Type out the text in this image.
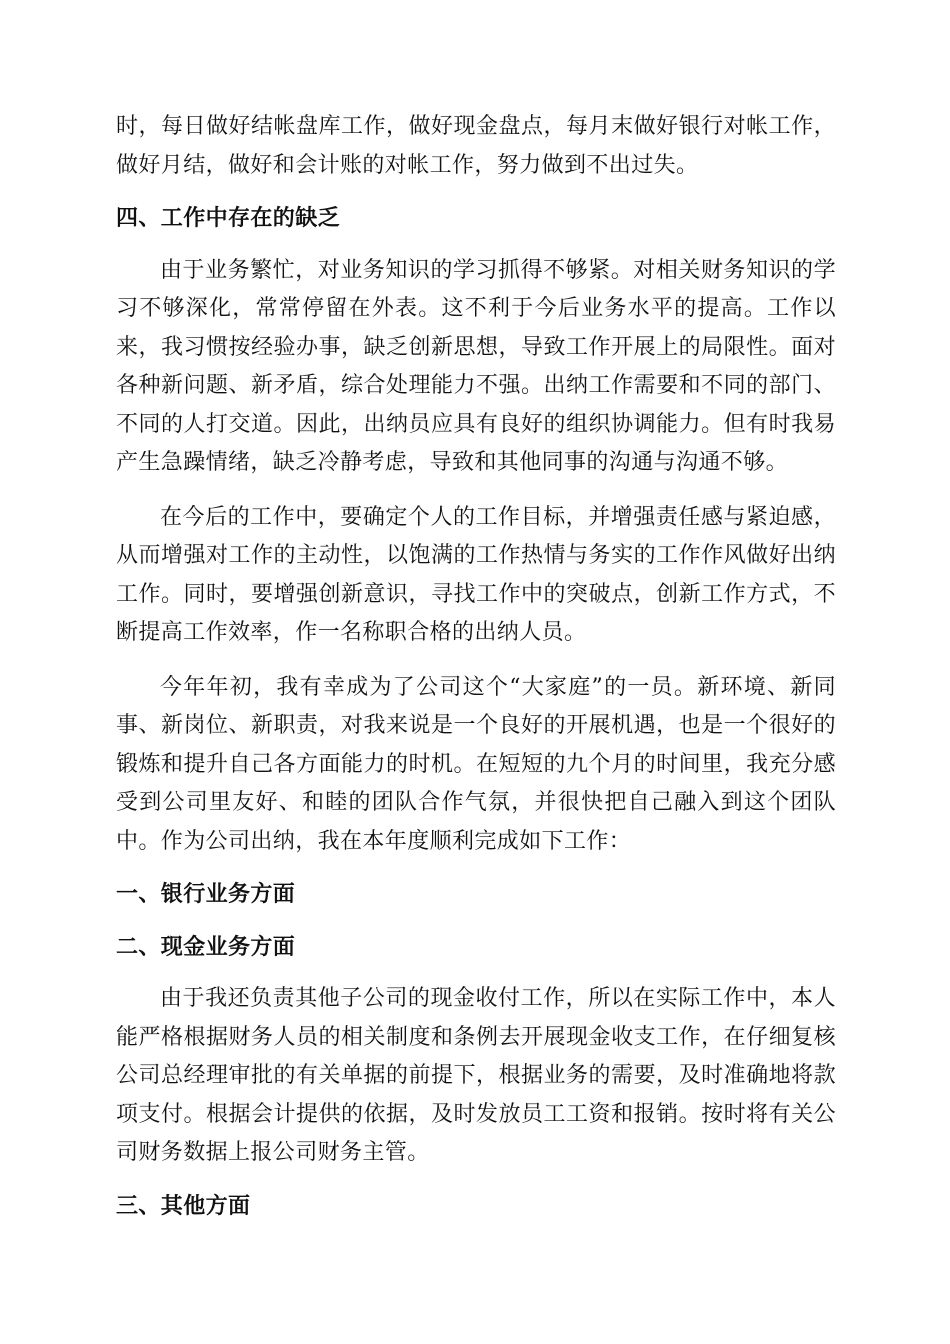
时，每日做好结帐盘库工作，做好现金盘点，每月末做好银行对帐工作，做好月结，做好和会计账的对帐工作，努力做到不出过失。

四、工作中存在的缺乏

由于业务繁忙，对业务知识的学习抓得不够紧。对相关财务知识的学习不够深化，常常停留在外表。这不利于今后业务水平的提高。工作以来，我习惯按经验办事，缺乏创新思想，导致工作开展上的局限性。面对各种新问题、新矛盾，综合处理能力不强。出纳工作需要和不同的部门、不同的人打交道。因此，出纳员应具有良好的组织协调能力。但有时我易产生急躁情绪，缺乏冷静考虑，导致和其他同事的沟通与沟通不够。

在今后的工作中，要确定个人的工作目标，并增强责任感与紧迫感，从而增强对工作的主动性，以饱满的工作热情与务实的工作作风做好出纳工作。同时，要增强创新意识，寻找工作中的突破点，创新工作方式，不断提高工作效率，作一名称职合格的出纳人员。

今年年初，我有幸成为了公司这个“大家庭”的一员。新环境、新同事、新岗位、新职责，对我来说是一个良好的开展机遇，也是一个很好的锻炼和提升自己各方面能力的时机。在短短的九个月的时间里，我充分感受到公司里友好、和睦的团队合作气氛，并很快把自己融入到这个团队中。作为公司出纳，我在本年度顺利完成如下工作：

一、银行业务方面

二、现金业务方面

由于我还负责其他子公司的现金收付工作，所以在实际工作中，本人能严格根据财务人员的相关制度和条例去开展现金收支工作，在仔细复核公司总经理审批的有关单据的前提下，根据业务的需要，及时准确地将款项支付。根据会计提供的依据，及时发放员工工资和报销。按时将有关公司财务数据上报公司财务主管。

三、其他方面
